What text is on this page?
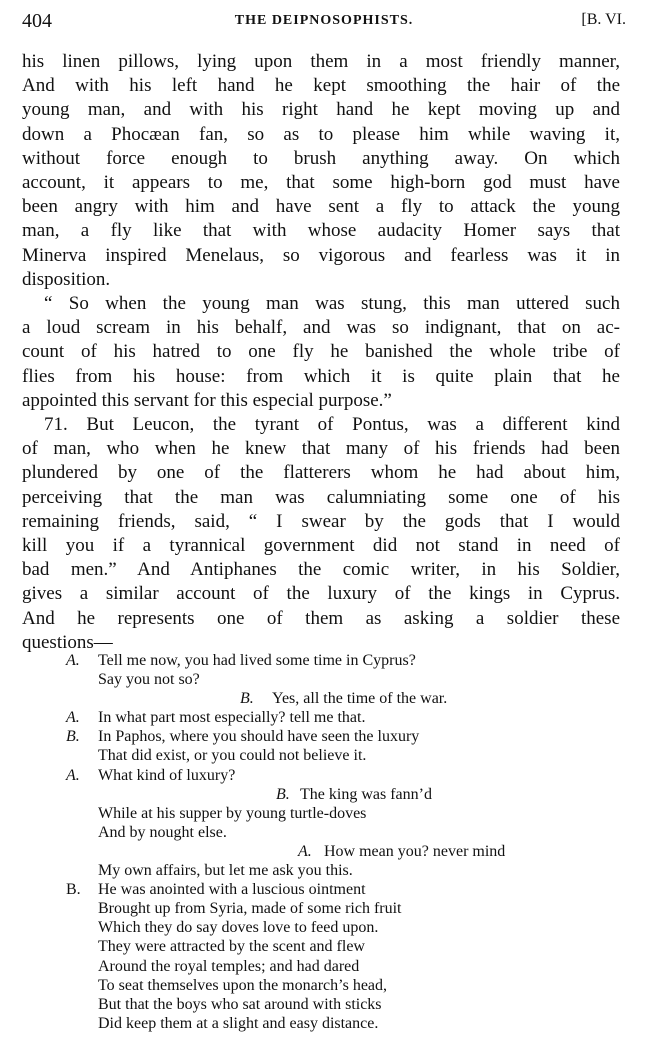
404	THE DEIPNOSOPHISTS.	[B. VI.

his linen pillows, lying upon them in a most friendly manner,
And with his left hand he kept smoothing the hair of the
young man, and with his right hand he kept moving up and
down a Phocæan fan, so as to please him while waving it,
without force enough to brush anything away. On which
account, it appears to me, that some high-born god must have
been angry with him and have sent a fly to attack the young
man, a fly like that with whose audacity Homer says that
Minerva inspired Menelaus, so vigorous and fearless was it in
disposition.

“ So when the young man was stung, this man uttered such
a loud scream in his behalf, and was so indignant, that on ac-
count of his hatred to one fly he banished the whole tribe of
flies from his house: from which it is quite plain that he
appointed this servant for this especial purpose.”

71. But Leucon, the tyrant of Pontus, was a different kind
of man, who when he knew that many of his friends had been
plundered by one of the flatterers whom he had about him,
perceiving that the man was calumniating some one of his
remaining friends, said, “ I swear by the gods that I would
kill you if a tyrannical government did not stand in need of
bad men.” And Antiphanes the comic writer, in his Soldier,
gives a similar account of the luxury of the kings in Cyprus.
And he represents one of them as asking a soldier these
questions—

A. Tell me now, you had lived some time in Cyprus?
Say you not so?
B. Yes, all the time of the war.
A. In what part most especially? tell me that.
B. In Paphos, where you should have seen the luxury
That did exist, or you could not believe it.
A. What kind of luxury?
B. The king was fann’d
While at his supper by young turtle-doves
And by nought else.
A. How mean you? never mind
My own affairs, but let me ask you this.
B. He was anointed with a luscious ointment
Brought up from Syria, made of some rich fruit
Which they do say doves love to feed upon.
They were attracted by the scent and flew
Around the royal temples; and had dared
To seat themselves upon the monarch’s head,
But that the boys who sat around with sticks
Did keep them at a slight and easy distance.
